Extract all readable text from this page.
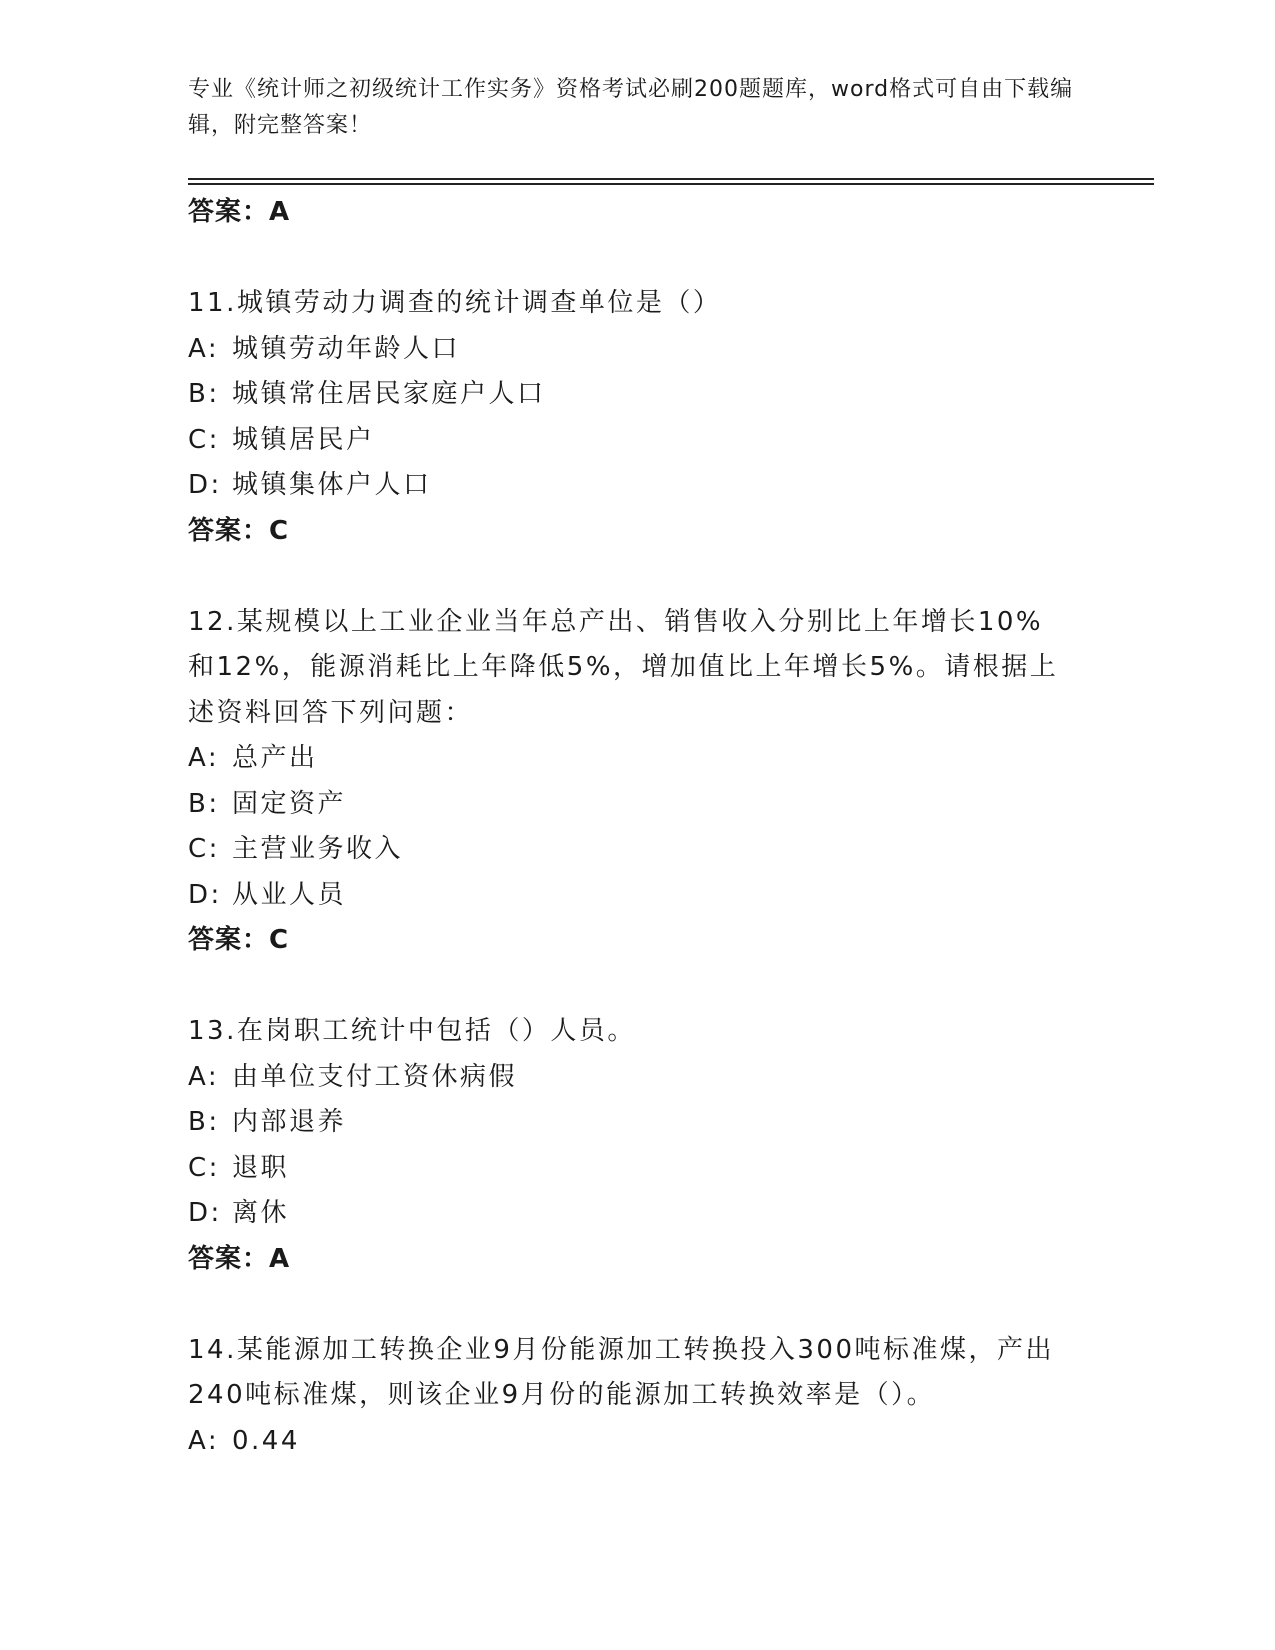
专业《统计师之初级统计工作实务》资格考试必刷200题题库，word格式可自由下载编辑，附完整答案！
答案：A
11.城镇劳动力调查的统计调查单位是（）
A: 城镇劳动年龄人口
B: 城镇常住居民家庭户人口
C: 城镇居民户
D: 城镇集体户人口
答案：C
12.某规模以上工业企业当年总产出、销售收入分别比上年增长10%和12%，能源消耗比上年降低5%，增加值比上年增长5%。请根据上述资料回答下列问题：
A: 总产出
B: 固定资产
C: 主营业务收入
D: 从业人员
答案：C
13.在岗职工统计中包括（）人员。
A: 由单位支付工资休病假
B: 内部退养
C: 退职
D: 离休
答案：A
14.某能源加工转换企业9月份能源加工转换投入300吨标准煤，产出240吨标准煤，则该企业9月份的能源加工转换效率是（）。
A: 0.44
